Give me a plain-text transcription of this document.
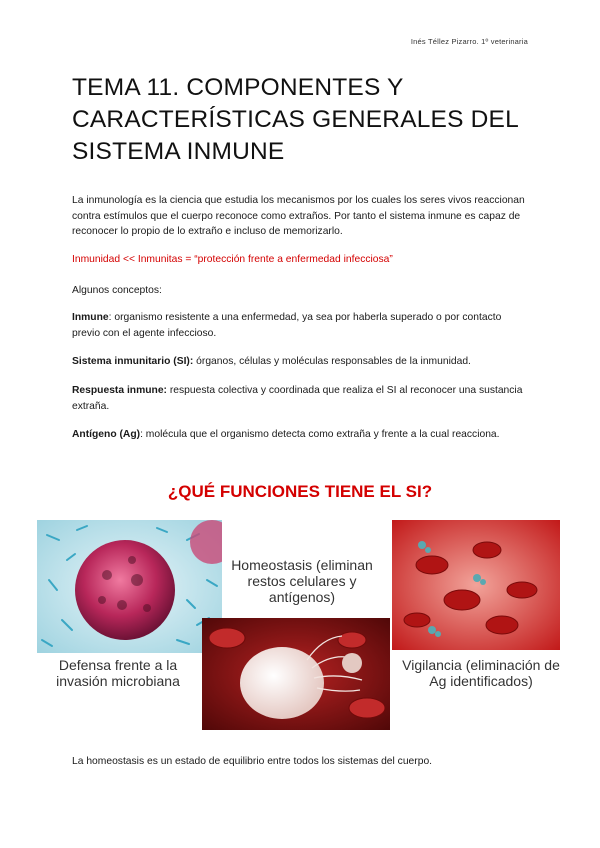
Inés Téllez Pizarro. 1º veterinaria
TEMA 11. COMPONENTES Y CARACTERÍSTICAS GENERALES DEL SISTEMA INMUNE

La inmunología es la ciencia que estudia los mecanismos por los cuales los seres vivos reaccionan contra estímulos que el cuerpo reconoce como extraños. Por tanto el sistema inmune es capaz de reconocer lo propio de lo extraño e incluso de memorizarlo.

Inmunidad << Inmunitas = “protección frente a enfermedad infecciosa”

Algunos conceptos:

Inmune: organismo resistente a una enfermedad, ya sea por haberla superado o por contacto previo con el agente infeccioso.

Sistema inmunitario (SI): órganos, células y moléculas responsables de la inmunidad.

Respuesta inmune: respuesta colectiva y coordinada que realiza el SI al reconocer una sustancia extraña.

Antígeno (Ag): molécula que el organismo detecta como extraña y frente a la cual reacciona.

¿QUÉ FUNCIONES TIENE EL SI?
Homeostasis (eliminan restos celulares y antígenos)
Defensa frente a la invasión microbiana
Vigilancia (eliminación de Ag identificados)

La homeostasis es un estado de equilibrio entre todos los sistemas del cuerpo.
